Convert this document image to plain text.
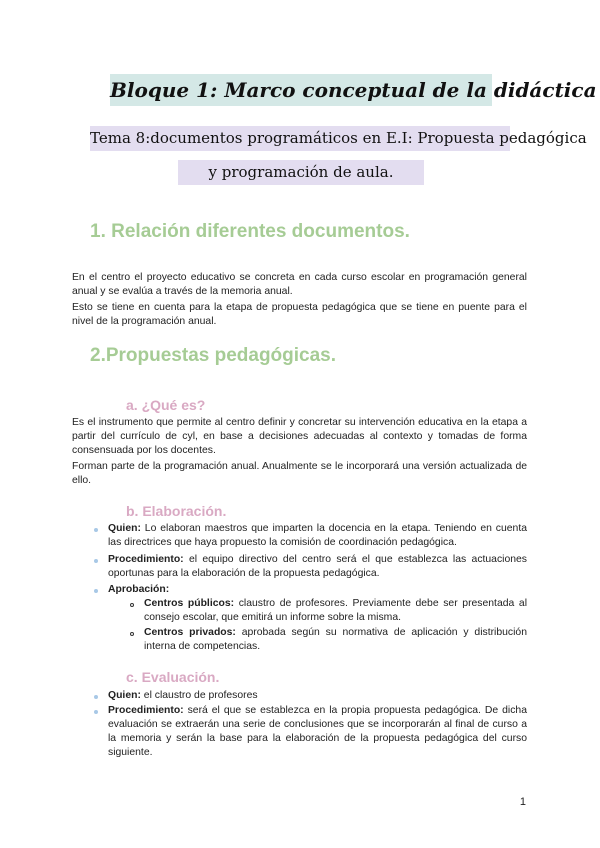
Bloque 1: Marco conceptual de la didáctica
Tema 8:documentos programáticos en E.I: Propuesta pedagógica
y programación de aula.
1. Relación diferentes documentos.
En el centro el proyecto educativo se concreta en cada curso escolar en programación general anual y se evalúa a través de la memoria anual.
Esto se tiene en cuenta para la etapa de propuesta pedagógica que se tiene en puente para el nivel de la programación anual.
2.Propuestas pedagógicas.
a. ¿Qué es?
Es el instrumento que permite al centro definir y concretar su intervención educativa en la etapa a partir del currículo de cyl, en base a decisiones adecuadas al contexto y tomadas de forma consensuada por los docentes.
Forman parte de la programación anual. Anualmente se le incorporará una versión actualizada de ello.
b. Elaboración.
Quien: Lo elaboran maestros que imparten la docencia en la etapa. Teniendo en cuenta las directrices que haya propuesto la comisión de coordinación pedagógica.
Procedimiento: el equipo directivo del centro será el que establezca las actuaciones oportunas para la elaboración de la propuesta pedagógica.
Aprobación:
Centros públicos: claustro de profesores. Previamente debe ser presentada al consejo escolar, que emitirá un informe sobre la misma.
Centros privados: aprobada según su normativa de aplicación y distribución interna de competencias.
c. Evaluación.
Quien: el claustro de profesores
Procedimiento: será el que se establezca en la propia propuesta pedagógica. De dicha evaluación se extraerán una serie de conclusiones que se incorporarán al final de curso a la memoria y serán la base para la elaboración de la propuesta pedagógica del curso siguiente.
1
